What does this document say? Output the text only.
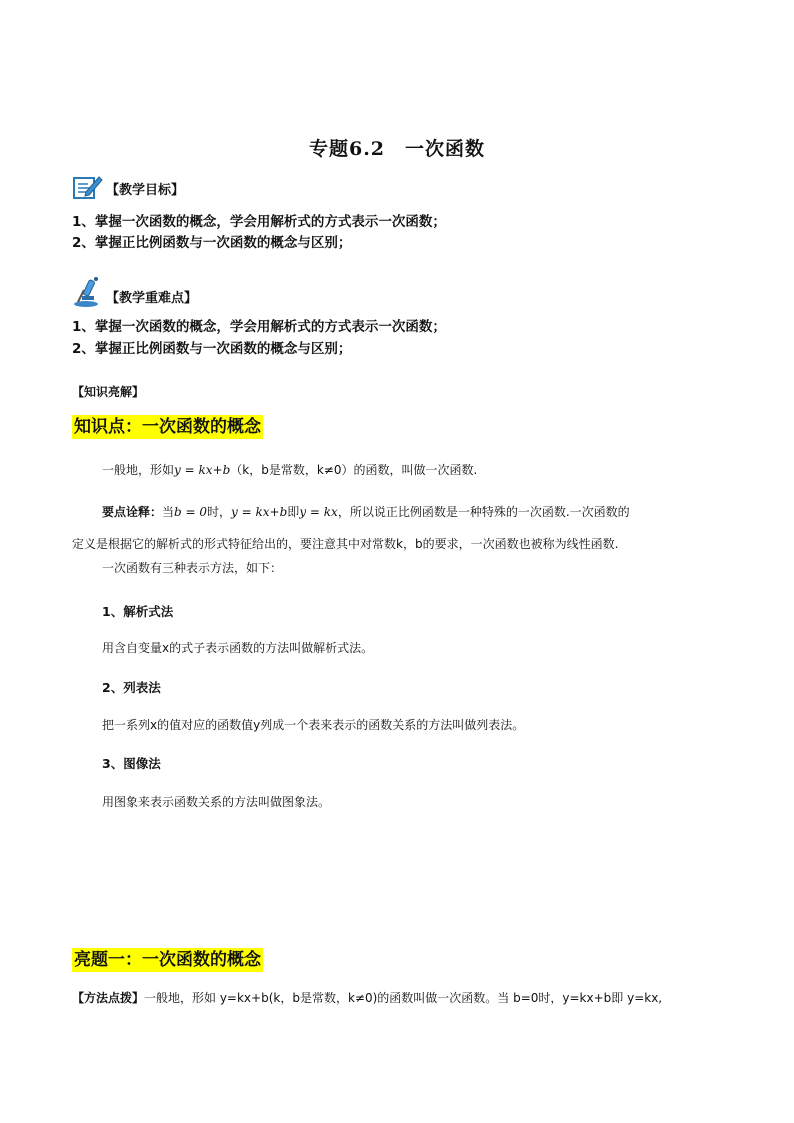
专题6.2　一次函数
【教学目标】
1、掌握一次函数的概念，学会用解析式的方式表示一次函数；
2、掌握正比例函数与一次函数的概念与区别；
【教学重难点】
1、掌握一次函数的概念，学会用解析式的方式表示一次函数；
2、掌握正比例函数与一次函数的概念与区别；
【知识亮解】
知识点：一次函数的概念
一般地，形如y = kx+b（k，b是常数，k≠0）的函数，叫做一次函数.
要点诠释：当b = 0时，y = kx+b即y = kx，所以说正比例函数是一种特殊的一次函数.一次函数的
定义是根据它的解析式的形式特征给出的，要注意其中对常数k，b的要求，一次函数也被称为线性函数.
一次函数有三种表示方法，如下：
1、解析式法
用含自变量x的式子表示函数的方法叫做解析式法。
2、列表法
把一系列x的值对应的函数值y列成一个表来表示的函数关系的方法叫做列表法。
3、图像法
用图象来表示函数关系的方法叫做图象法。
亮题一：一次函数的概念
【方法点拨】一般地，形如 y=kx+b(k，b是常数，k≠0)的函数叫做一次函数。当 b=0时，y=kx+b即 y=kx,
